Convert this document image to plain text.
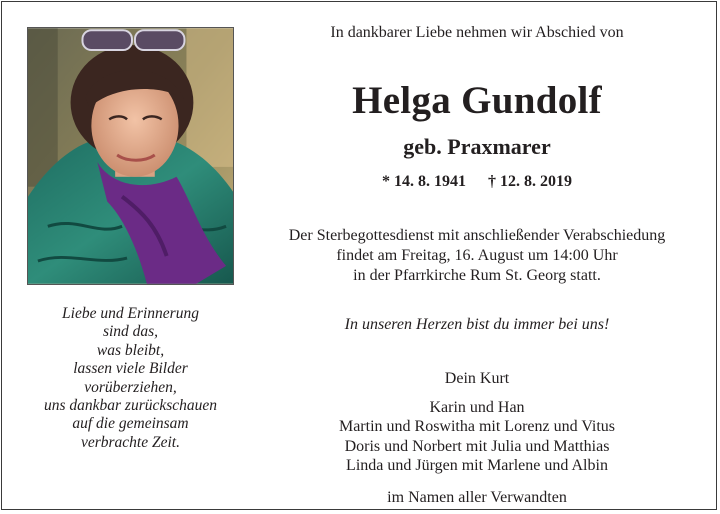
In dankbarer Liebe nehmen wir Abschied von
Helga Gundolf
geb. Praxmarer
* 14. 8. 1941 † 12. 8. 2019
Der Sterbegottesdienst mit anschließender Verabschiedung
findet am Freitag, 16. August um 14:00 Uhr
in der Pfarrkirche Rum St. Georg statt.
Liebe und Erinnerung
sind das,
was bleibt,
lassen viele Bilder
vorüberziehen,
uns dankbar zurückschauen
auf die gemeinsam
verbrachte Zeit.
In unseren Herzen bist du immer bei uns!
Dein Kurt
Karin und Han
Martin und Roswitha mit Lorenz und Vitus
Doris und Norbert mit Julia und Matthias
Linda und Jürgen mit Marlene und Albin
im Namen aller Verwandten
